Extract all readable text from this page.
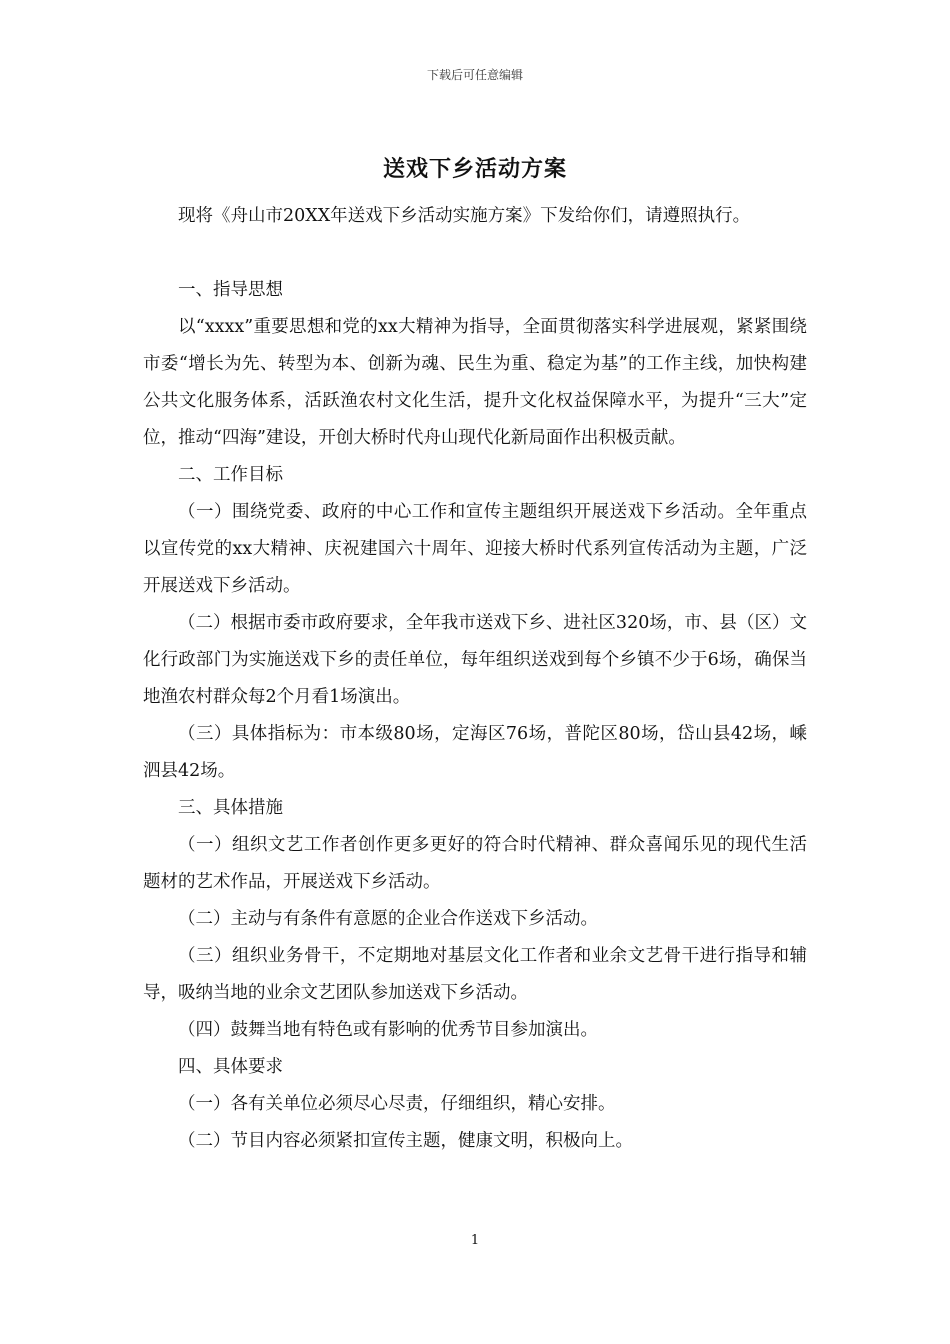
下载后可任意编辑
送戏下乡活动方案

现将《舟山市20XX年送戏下乡活动实施方案》下发给你们，请遵照执行。

一、指导思想

以“xxxx”重要思想和党的xx大精神为指导，全面贯彻落实科学进展观，紧紧围绕市委“增长为先、转型为本、创新为魂、民生为重、稳定为基”的工作主线，加快构建公共文化服务体系，活跃渔农村文化生活，提升文化权益保障水平，为提升“三大”定位，推动“四海”建设，开创大桥时代舟山现代化新局面作出积极贡献。

二、工作目标

（一）围绕党委、政府的中心工作和宣传主题组织开展送戏下乡活动。全年重点以宣传党的xx大精神、庆祝建国六十周年、迎接大桥时代系列宣传活动为主题，广泛开展送戏下乡活动。

（二）根据市委市政府要求，全年我市送戏下乡、进社区320场，市、县（区）文化行政部门为实施送戏下乡的责任单位，每年组织送戏到每个乡镇不少于6场，确保当地渔农村群众每2个月看1场演出。

（三）具体指标为：市本级80场，定海区76场，普陀区80场，岱山县42场，嵊泗县42场。

三、具体措施

（一）组织文艺工作者创作更多更好的符合时代精神、群众喜闻乐见的现代生活题材的艺术作品，开展送戏下乡活动。

（二）主动与有条件有意愿的企业合作送戏下乡活动。

（三）组织业务骨干，不定期地对基层文化工作者和业余文艺骨干进行指导和辅导，吸纳当地的业余文艺团队参加送戏下乡活动。

（四）鼓舞当地有特色或有影响的优秀节目参加演出。

四、具体要求

（一）各有关单位必须尽心尽责，仔细组织，精心安排。

（二）节目内容必须紧扣宣传主题，健康文明，积极向上。

1
